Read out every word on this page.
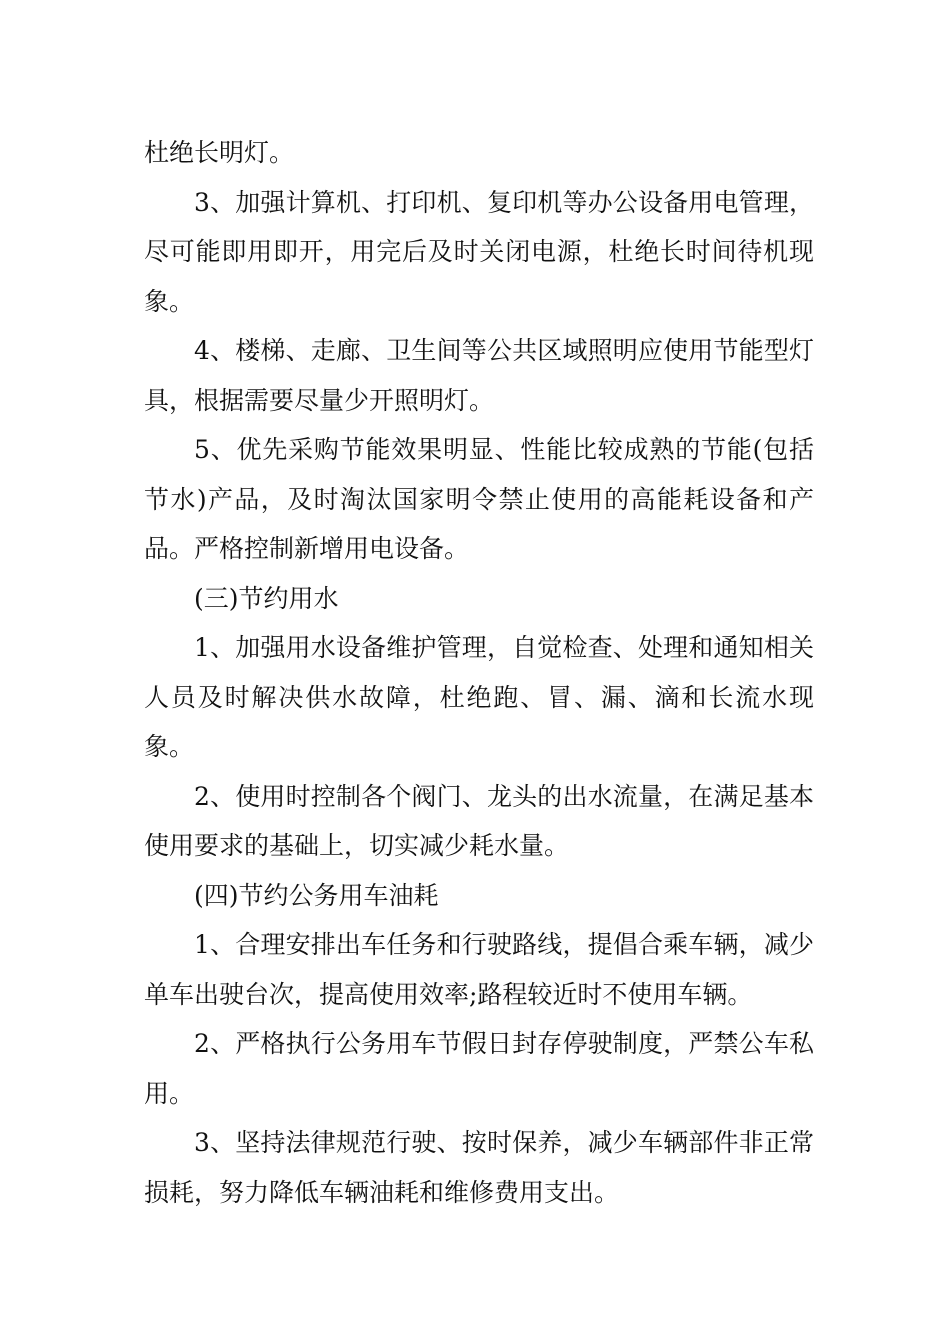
杜绝长明灯。

3、加强计算机、打印机、复印机等办公设备用电管理，尽可能即用即开，用完后及时关闭电源，杜绝长时间待机现象。

4、楼梯、走廊、卫生间等公共区域照明应使用节能型灯具，根据需要尽量少开照明灯。

5、优先采购节能效果明显、性能比较成熟的节能(包括节水)产品，及时淘汰国家明令禁止使用的高能耗设备和产品。严格控制新增用电设备。

(三)节约用水

1、加强用水设备维护管理，自觉检查、处理和通知相关人员及时解决供水故障，杜绝跑、冒、漏、滴和长流水现象。

2、使用时控制各个阀门、龙头的出水流量，在满足基本使用要求的基础上，切实减少耗水量。

(四)节约公务用车油耗

1、合理安排出车任务和行驶路线，提倡合乘车辆，减少单车出驶台次，提高使用效率;路程较近时不使用车辆。

2、严格执行公务用车节假日封存停驶制度，严禁公车私用。

3、坚持法律规范行驶、按时保养，减少车辆部件非正常损耗，努力降低车辆油耗和维修费用支出。
